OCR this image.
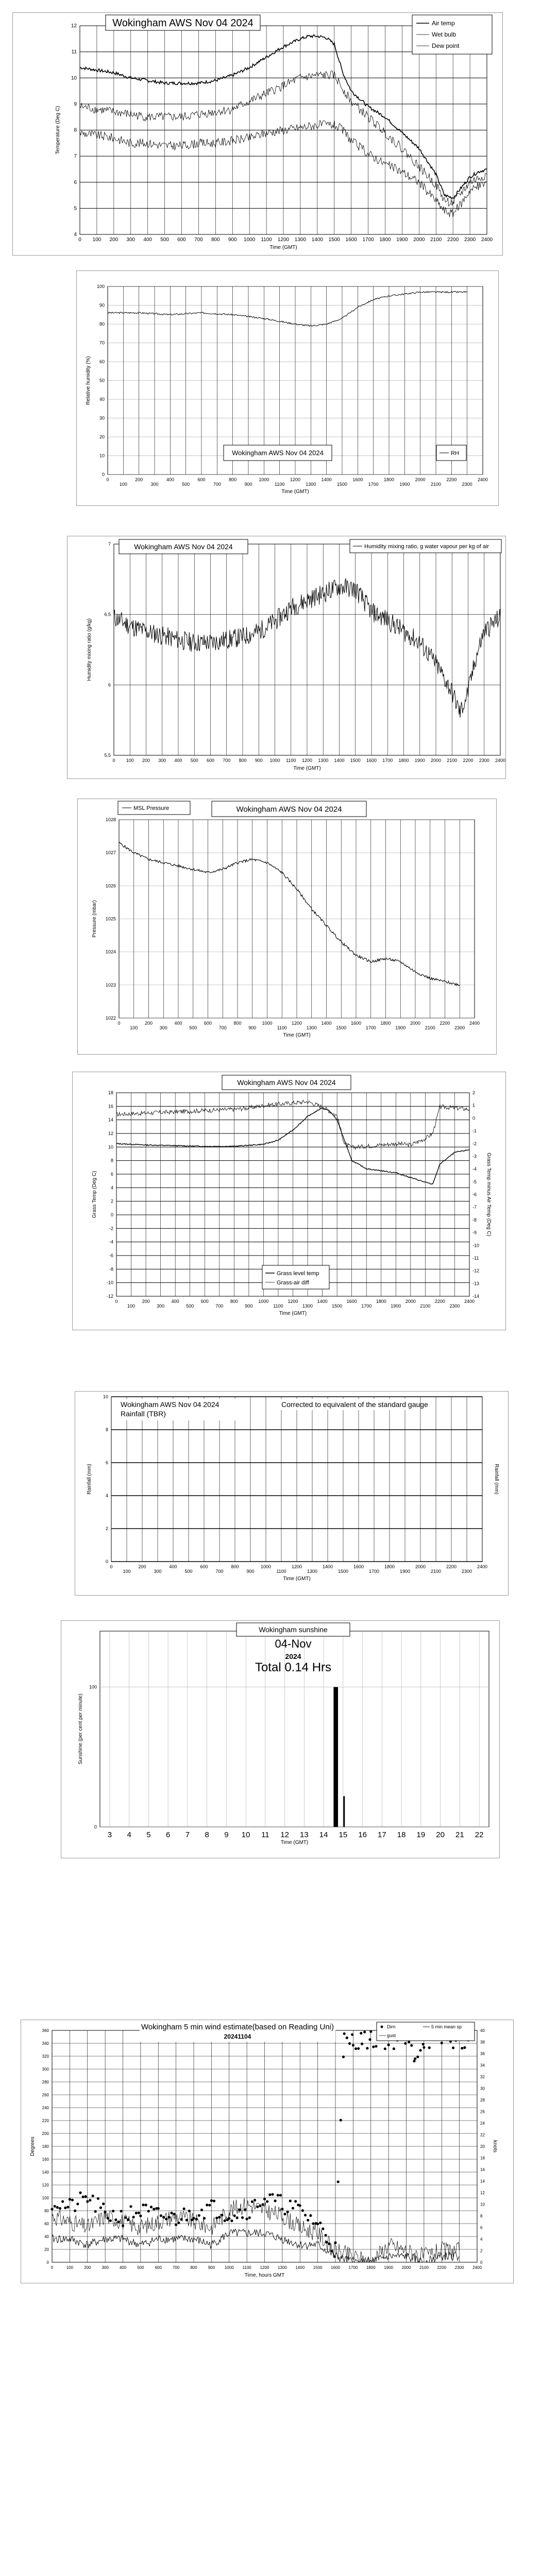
4
5
6
7
8
9
10
11
12
0 100 200 300 400 500 600 700 800 900 1000 1100 1200 1300 1400 1500 1600 1700 1800 1900 2000 2100 2200 2300 2400
Time (GMT)
Temperature (Deg C)
Wokingham AWS Nov 04 2024	Air temp
Wet bulb
Dew point
0
10
20
30
40
50
60
70
80
90
100
0
100
200
300
400
500
600
700
800
900
1000
1100
1200
1300
1400
1500
1600
1700
1800
1900
2000
2100
2200
2300
2400
Time (GMT)
Relative humidity (%)
Wokingham AWS Nov 04 2024	RH
5.5
6
6.5
7
0 100 200 300 400 500 600 700 800 900 1000 1100 1200 1300 1400 1500 1600 1700 1800 1900 2000 2100 2200 2300 2400
Time (GMT)
Humidity mixing ratio (g/kg)
Wokingham AWS Nov 04 2024	Humidity mixing ratio, g water vapour per kg of air
1022
1023
1024
1025
1026
1027
1028
0
100
200
300
400
500
600
700
800
900
1000
1100
1200
1300
1400
1500
1600
1700
1800
1900
2000
2100
2200
2300
2400
Time (GMT)
Pressure (mbar)
MSL Pressure	Wokingham AWS Nov 04 2024
-12
-10
-8
-6
-4
-2
0
2
4
6
8
10
12
14
16
18
0
100
200
300
400
500
600
700
800
900
1000
1100
1200
1300
1400
1500
1600
1700
1800
1900
2000
2100
2200
2300
2400
Time (GMT)
Grass Temp (Deg C)
-14
-13
-12
-11
-10
-9
-8
-7
-6
-5
-4
-3
-2
-1
0
1
2
Grass Temp minus Air Temp (Deg C)
Wokingham AWS Nov 04 2024
Grass level temp
Grass-air diff
0
2
4
6
8
10
0
100
200
300
400
500
600
700
800
900
1000
1100
1200
1300
1400
1500
1600
1700
1800
1900
2000
2100
2200
2300
2400
Time (GMT)
Rainfall (mm)	Rainfall (mm)
Wokingham AWS Nov 04 2024
Rainfall (TBR)
Corrected to equivalent of the standard gauge
3 4 5 6 7 8 9 10 11 12 13 14 15 16 17 18 19 20 21 22
0
100
Time (GMT)
Sunshine (per cent per minute)
Wokingham sunshine
04-Nov
2024
Total 0.14 Hrs
0
20
40
60
80
100
120
140
160
180
200
220
240
260
280
300
320
340
360
0	100	200	300	400	500	600	700	800	900 1000 1100 1200 1300 1400 1500 1600 1700 1800 1900 2000 2100 2200 2300 2400
Time, hours GMT
Degrees
0
2
4
6
8
10
12
14
16
18
20
22
24
26
28
30
32
34
36
38
40
knots
Wokingham 5 min wind estimate(based on Reading Uni)
20241104
Dirn
gust
5 min mean sp
